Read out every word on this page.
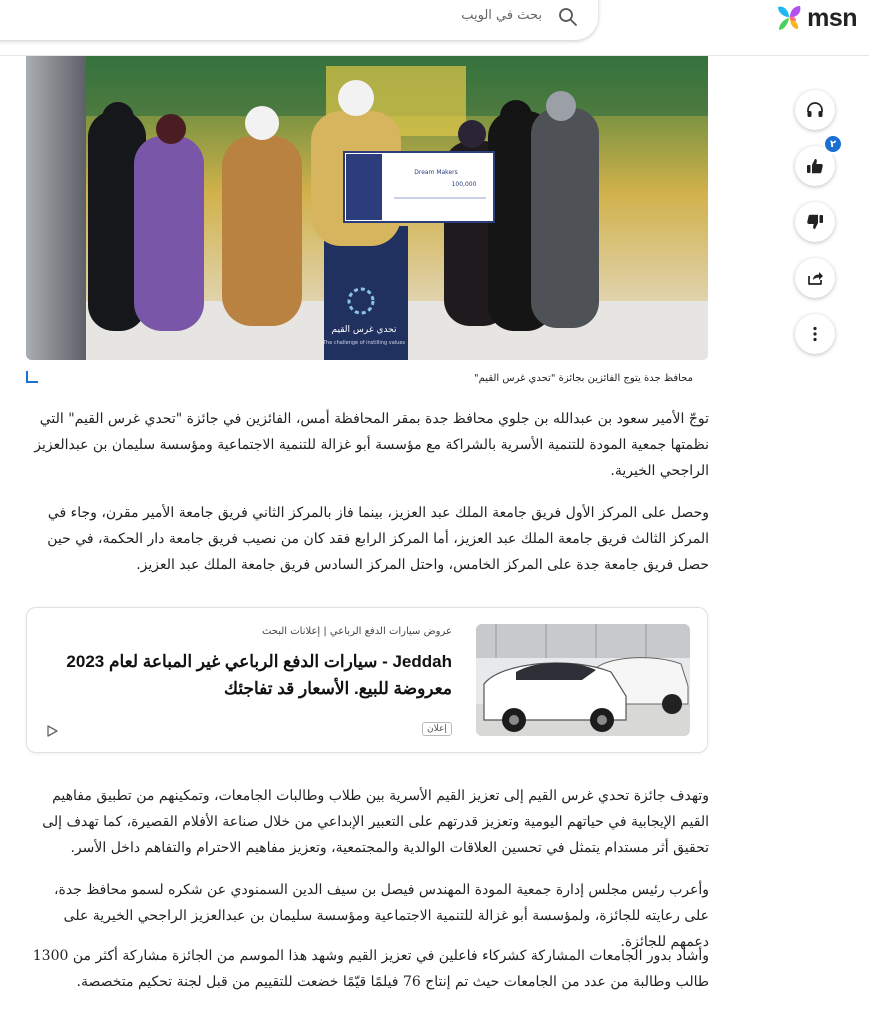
msn
بحث في الويب
٢
تحدي غرس القيم
The challenge of instilling values
Dream Makers
100,000
محافظ جدة يتوج الفائزين بجائزة "تحدي غرس القيم"

توجّ الأمير سعود بن عبدالله بن جلوي محافظ جدة بمقر المحافظة أمس، الفائزين في جائزة "تحدي غرس القيم" التي نظمتها جمعية المودة للتنمية الأسرية بالشراكة مع مؤسسة أبو غزالة للتنمية الاجتماعية ومؤسسة سليمان بن عبدالعزيز الراجحي الخيرية.

وحصل على المركز الأول فريق جامعة الملك عبد العزيز، بينما فاز بالمركز الثاني فريق جامعة الأمير مقرن، وجاء في المركز الثالث فريق جامعة الملك عبد العزيز، أما المركز الرابع فقد كان من نصيب فريق جامعة دار الحكمة، في حين حصل فريق جامعة جدة على المركز الخامس، واحتل المركز السادس فريق جامعة الملك عبد العزيز.

عروض سيارات الدفع الرباعي | إعلانات البحث
Jeddah - سيارات الدفع الرباعي غير المباعة لعام 2023 معروضة للبيع. الأسعار قد تفاجئك
إعلان

وتهدف جائزة تحدي غرس القيم إلى تعزيز القيم الأسرية بين طلاب وطالبات الجامعات، وتمكينهم من تطبيق مفاهيم القيم الإيجابية في حياتهم اليومية وتعزيز قدرتهم على التعبير الإبداعي من خلال صناعة الأفلام القصيرة، كما تهدف إلى تحقيق أثر مستدام يتمثل في تحسين العلاقات الوالدية والمجتمعية، وتعزيز مفاهيم الاحترام والتفاهم داخل الأسر.

وأعرب رئيس مجلس إدارة جمعية المودة المهندس فيصل بن سيف الدين السمنودي عن شكره لسمو محافظ جدة، على رعايته للجائزة، ولمؤسسة أبو غزالة للتنمية الاجتماعية ومؤسسة سليمان بن عبدالعزيز الراجحي الخيرية على دعمهم للجائزة.

وأشاد بدور الجامعات المشاركة كشركاء فاعلين في تعزيز القيم وشهد هذا الموسم من الجائزة مشاركة أكثر من 1300 طالب وطالبة من عدد من الجامعات حيث تم إنتاج 76 فيلمًا قيّمًا خضعت للتقييم من قبل لجنة تحكيم متخصصة.
